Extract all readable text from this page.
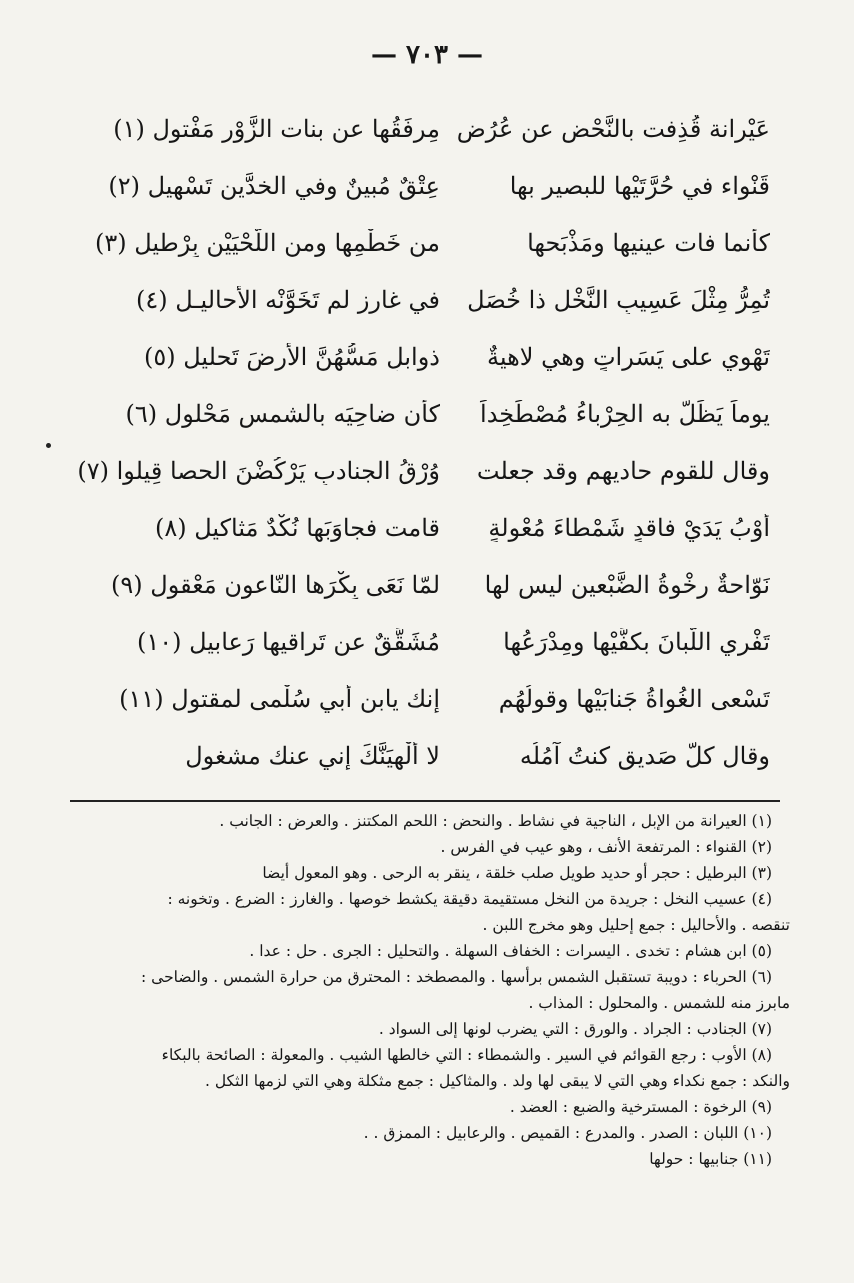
— ٧٠٣ —
عَيْرانة قُذِفت بالنَّحْض عن عُرُض
مِرفَقُها عن بنات الزَّوْر مَفْتول (١)
قَنْواء في حُرَّتَيْها للبصير بها
عِتْقٌ مُبينٌ وفي الخدَّين تَسْهيل (٢)
كأنما فات عينيها ومَذْبَحها
من خَطْمِها ومن اللَّحْيَيْن بِرْطيل (٣)
تُمِرُّ مِثْلَ عَسِيبِ النَّخْل ذا خُصَل
في غارزٍ لم تَخَوَّنْه الأحاليـل (٤)
تَهْوي على يَسَراتٍ وهي لاهيةٌ
ذوابلٍ مَسُّهُنَّ الأرضَ تَحليل (٥)
يوماً يَظَلُّ به الحِرْباءُ مُصْطَخِداً
كأن ضاحِيَه بالشمس مَحْلول (٦)
وقال للقوم حاديهم وقد جعلت
وُرْقُ الجنادبِ يَرْكُضْنَ الحصا قِيلوا (٧)
أوْبُ يَدَيْ فاقدٍ شَمْطاءَ مُعْوِلةٍ
قامت فجاوَبَها نُكْدٌ مَثاكيل (٨)
نَوّاحةٌ رِخْوةُ الضَّبْعين ليس لها
لمّا نَعَى بِكْرَها النّاعون مَعْقول (٩)
تَفْري اللّبانَ بكفَّيْها ومِدْرَعُها
مُشَقَّقٌ عن تَراقيها رَعابيل (١٠)
تَسْعى الغُواةُ جَنابَيْها وقولُهُم
إنك يابن أبي سُلْمى لمقتول (١١)
وقال كلُّ صَديقٍ كنتُ آمُلُه
لا أُلْهِيَنَّكَ إني عنك مشغول
(١) العيرانة من الإبل ، الناجية في نشاط . والنحض : اللحم المكتنز . والعرض : الجانب .
(٢) القنواء : المرتفعة الأنف ، وهو عيب في الفرس .
(٣) البرطيل : حجر أو حديد طويل صلب خلقة ، ينقر به الرحى . وهو المعول أيضا
(٤) عسيب النخل : جريدة من النخل مستقيمة دقيقة يكشط خوصها . والغارز : الضرع . وتخونه :
تنقصه . والأحاليل : جمع إحليل وهو مخرج اللبن .
(٥) ابن هشام : تخدى . اليسرات : الخفاف السهلة . والتحليل : الجرى . حل : عدا .
(٦) الحرباء : دويبة تستقبل الشمس برأسها . والمصطخد : المحترق من حرارة الشمس . والضاحى :
مابرز منه للشمس . والمحلول : المذاب .
(٧) الجنادب : الجراد . والورق : التي يضرب لونها إلى السواد .
(٨) الأوب : رجع القوائم في السير . والشمطاء : التي خالطها الشيب . والمعولة : الصائحة بالبكاء
والنكد : جمع نكداء وهي التي لا يبقى لها ولد . والمثاكيل : جمع مثكلة وهي التي لزمها الثكل .
(٩) الرخوة : المسترخية والضبع : العضد .
(١٠) اللبان : الصدر . والمدرع : القميص . والرعابيل : الممزق . .
(١١) جنابيها : حولها
